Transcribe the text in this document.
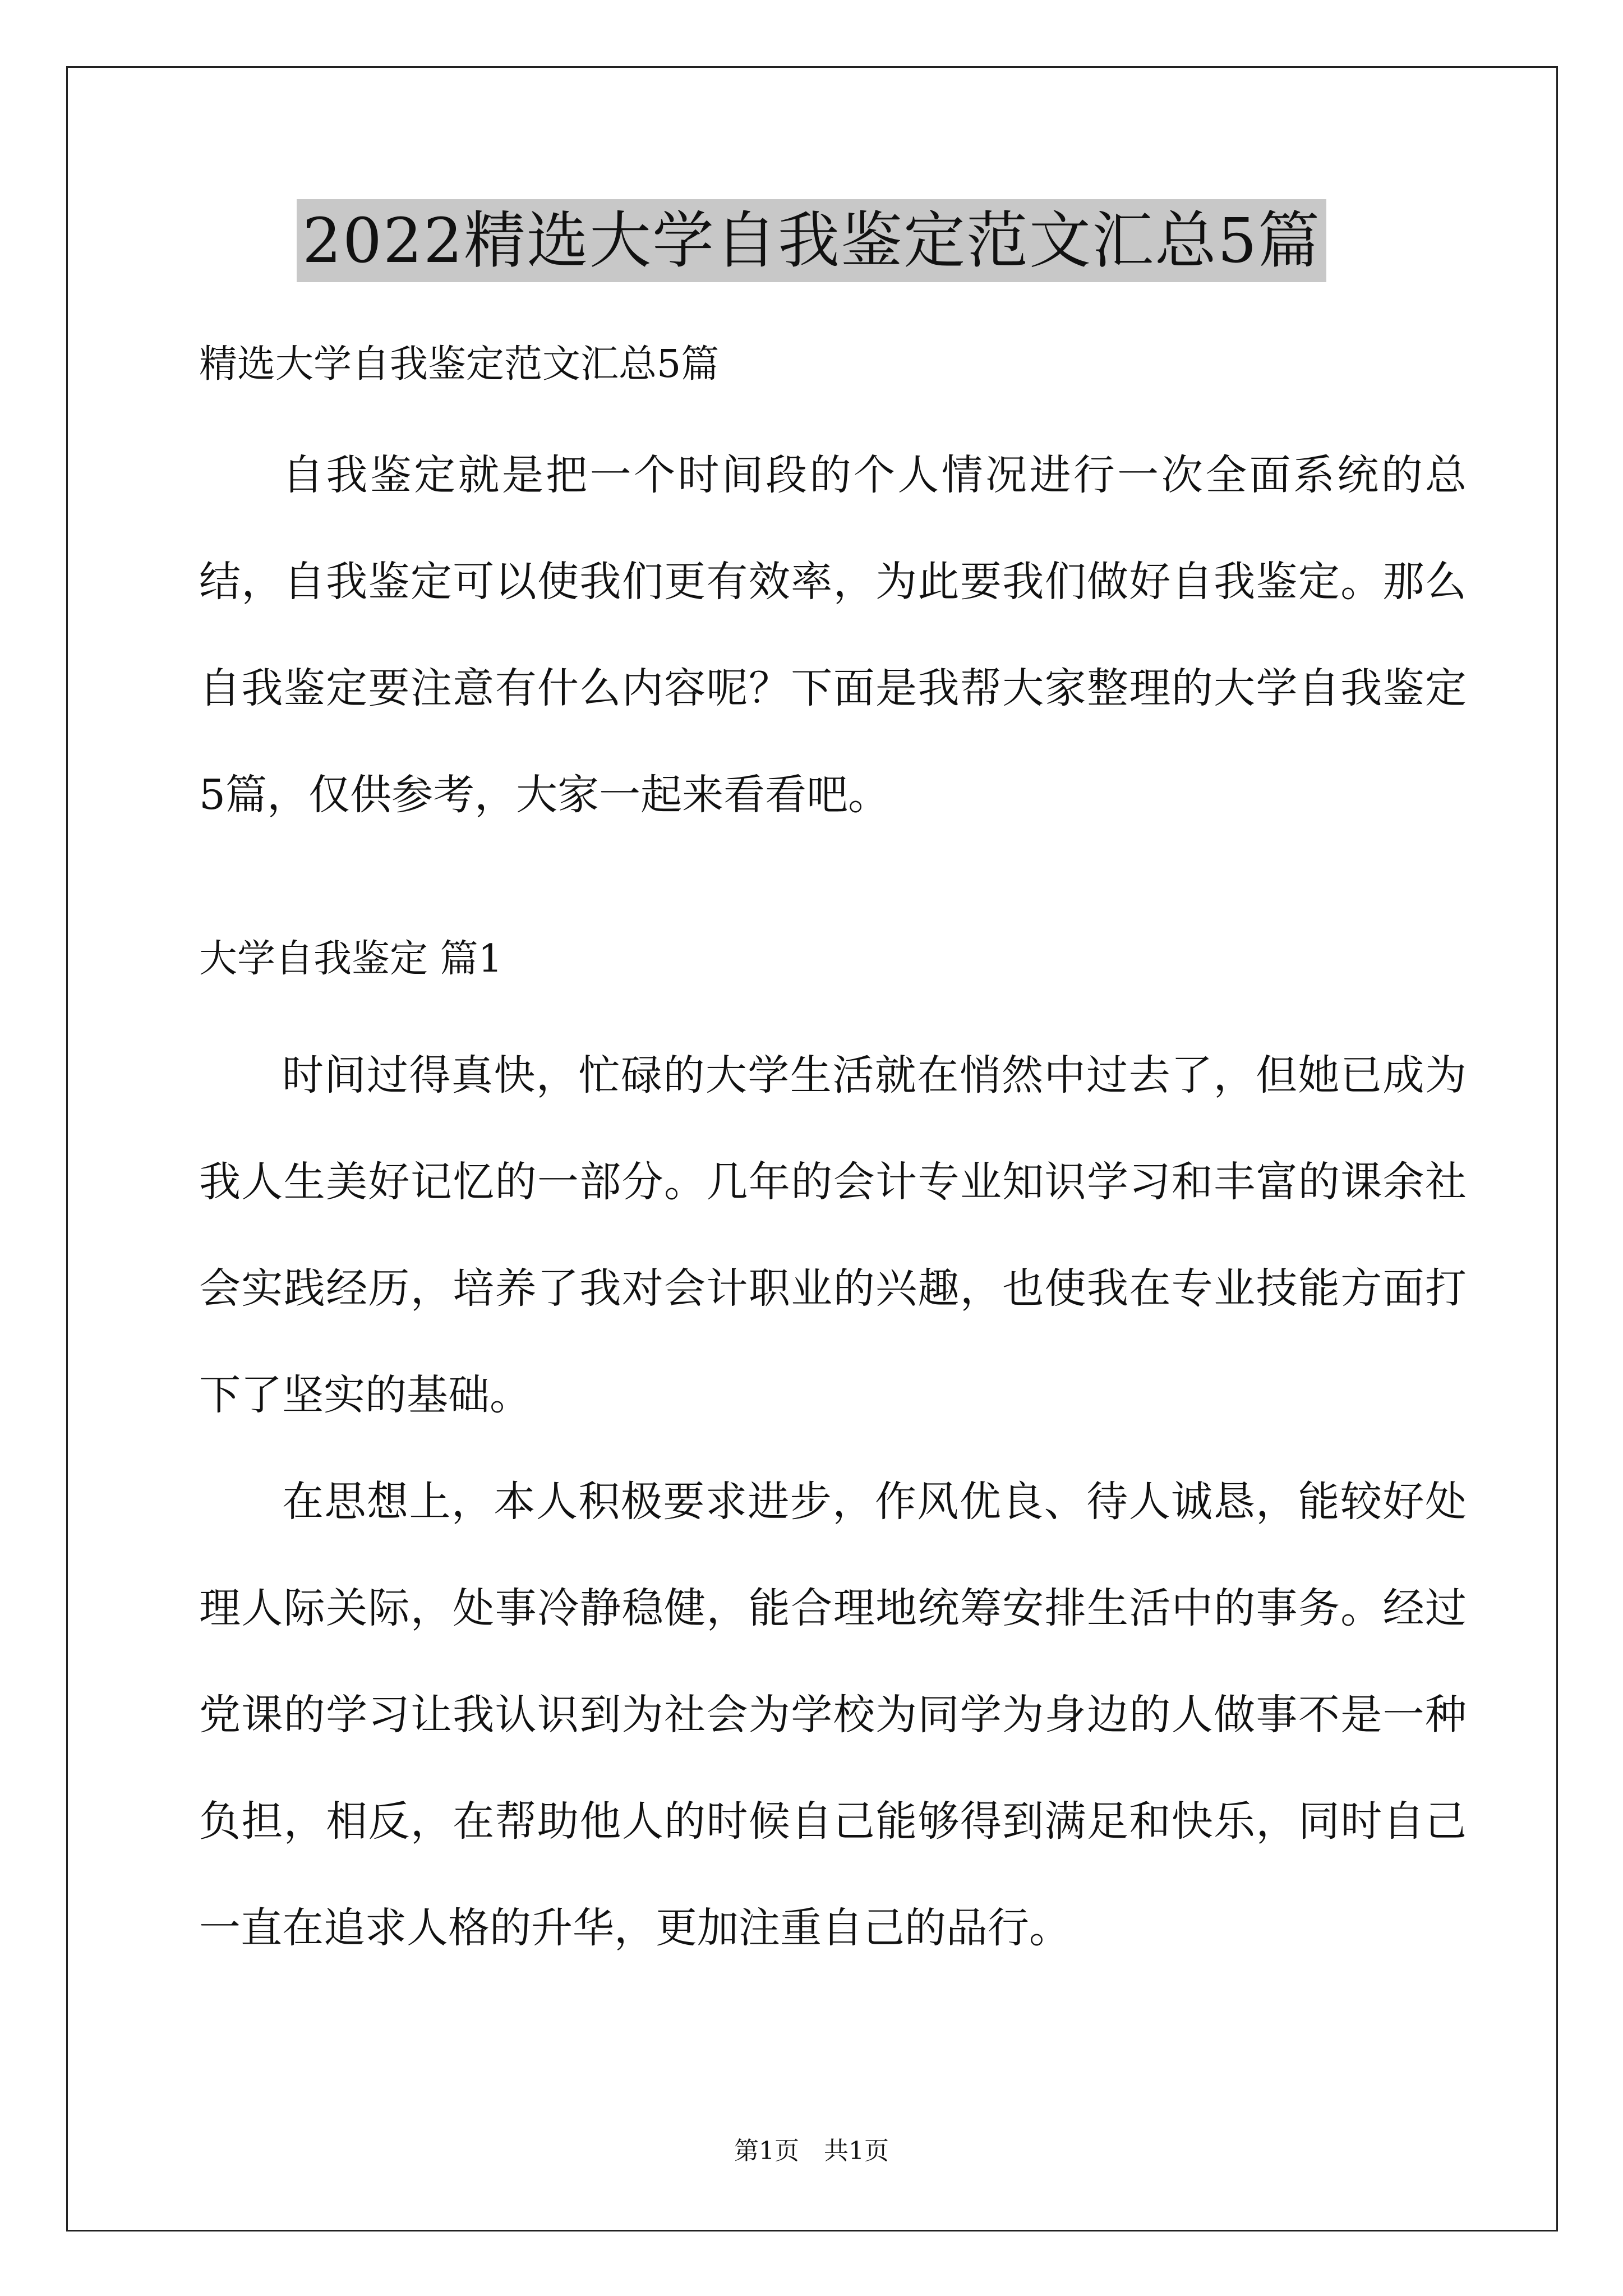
2022精选大学自我鉴定范文汇总5篇

精选大学自我鉴定范文汇总5篇

自我鉴定就是把一个时间段的个人情况进行一次全面系统的总结，自我鉴定可以使我们更有效率，为此要我们做好自我鉴定。那么自我鉴定要注意有什么内容呢？下面是我帮大家整理的大学自我鉴定5篇，仅供参考，大家一起来看看吧。

大学自我鉴定 篇1

时间过得真快，忙碌的大学生活就在悄然中过去了，但她已成为我人生美好记忆的一部分。几年的会计专业知识学习和丰富的课余社会实践经历，培养了我对会计职业的兴趣，也使我在专业技能方面打下了坚实的基础。

在思想上，本人积极要求进步，作风优良、待人诚恳，能较好处理人际关际，处事冷静稳健，能合理地统筹安排生活中的事务。经过党课的学习让我认识到为社会为学校为同学为身边的人做事不是一种负担，相反，在帮助他人的时候自己能够得到满足和快乐，同时自己一直在追求人格的升华，更加注重自己的品行。

第1页　共1页
